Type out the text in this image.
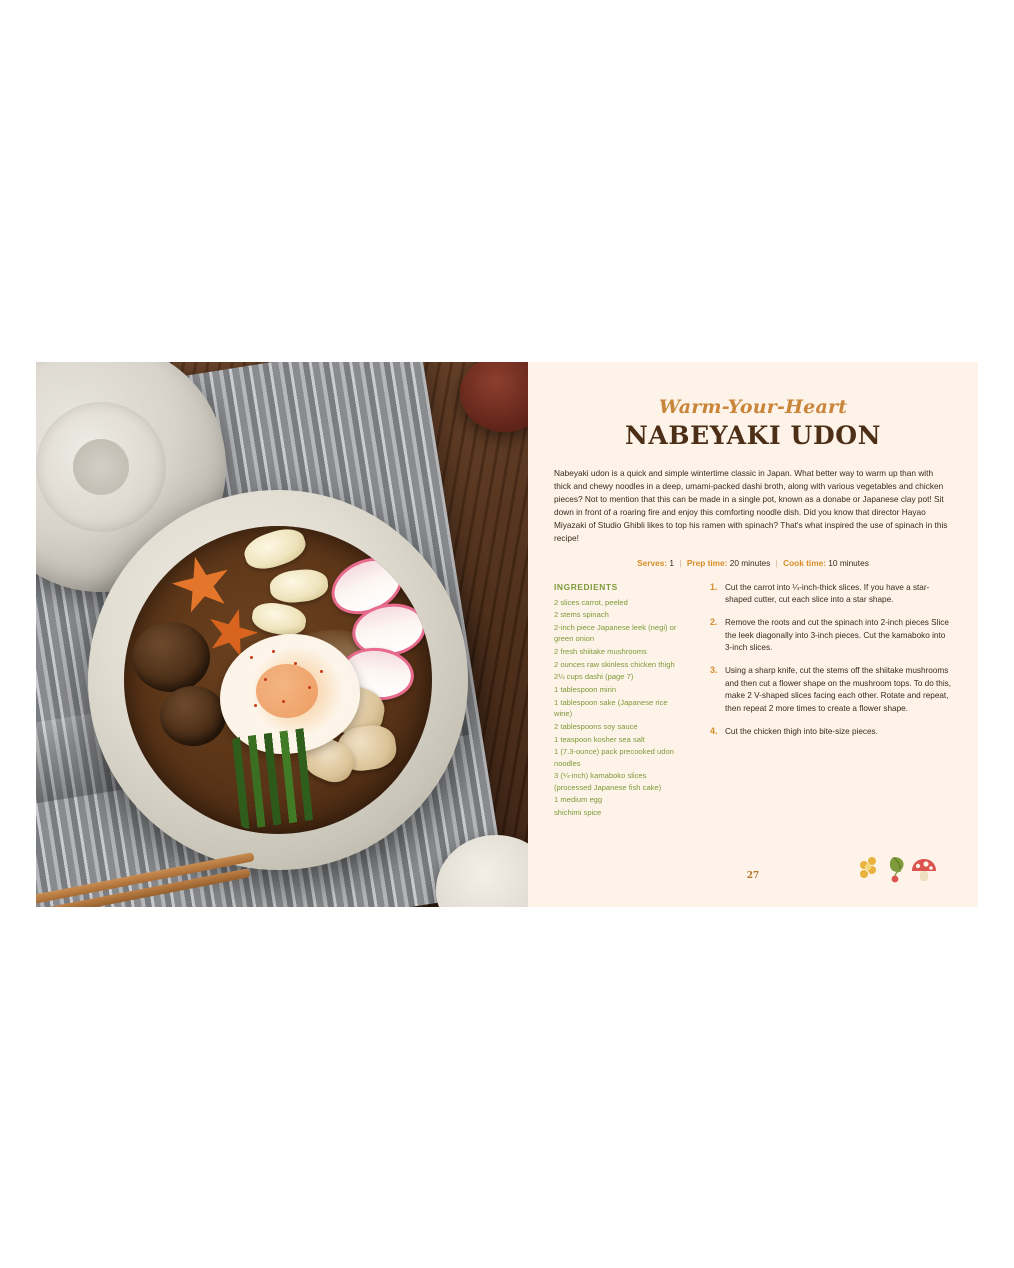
Warm-Your-Heart
NABEYAKI UDON

Nabeyaki udon is a quick and simple wintertime classic in Japan. What better way to warm up than with thick and chewy noodles in a deep, umami-packed dashi broth, along with various vegetables and chicken pieces? Not to mention that this can be made in a single pot, known as a donabe or Japanese clay pot! Sit down in front of a roaring fire and enjoy this comforting noodle dish. Did you know that director Hayao Miyazaki of Studio Ghibli likes to top his ramen with spinach? That's what inspired the use of spinach in this recipe!

Serves: 1 | Prep time: 20 minutes | Cook time: 10 minutes
INGREDIENTS
2 slices carrot, peeled
2 stems spinach
2-inch piece Japanese leek (negi) or green onion
2 fresh shiitake mushrooms
2 ounces raw skinless chicken thigh
2¼ cups dashi (page 7)
1 tablespoon mirin
1 tablespoon sake (Japanese rice wine)
2 tablespoons soy sauce
1 teaspoon kosher sea salt
1 (7.3-ounce) pack precooked udon noodles
3 (¼-inch) kamaboko slices (processed Japanese fish cake)
1 medium egg
shichimi spice
1. Cut the carrot into ¼-inch-thick slices. If you have a star-shaped cutter, cut each slice into a star shape.
2. Remove the roots and cut the spinach into 2-inch pieces Slice the leek diagonally into 3-inch pieces. Cut the kamaboko into 3-inch slices.
3. Using a sharp knife, cut the stems off the shiitake mushrooms and then cut a flower shape on the mushroom tops. To do this, make 2 V-shaped slices facing each other. Rotate and repeat, then repeat 2 more times to create a flower shape.
4. Cut the chicken thigh into bite-size pieces.
27
